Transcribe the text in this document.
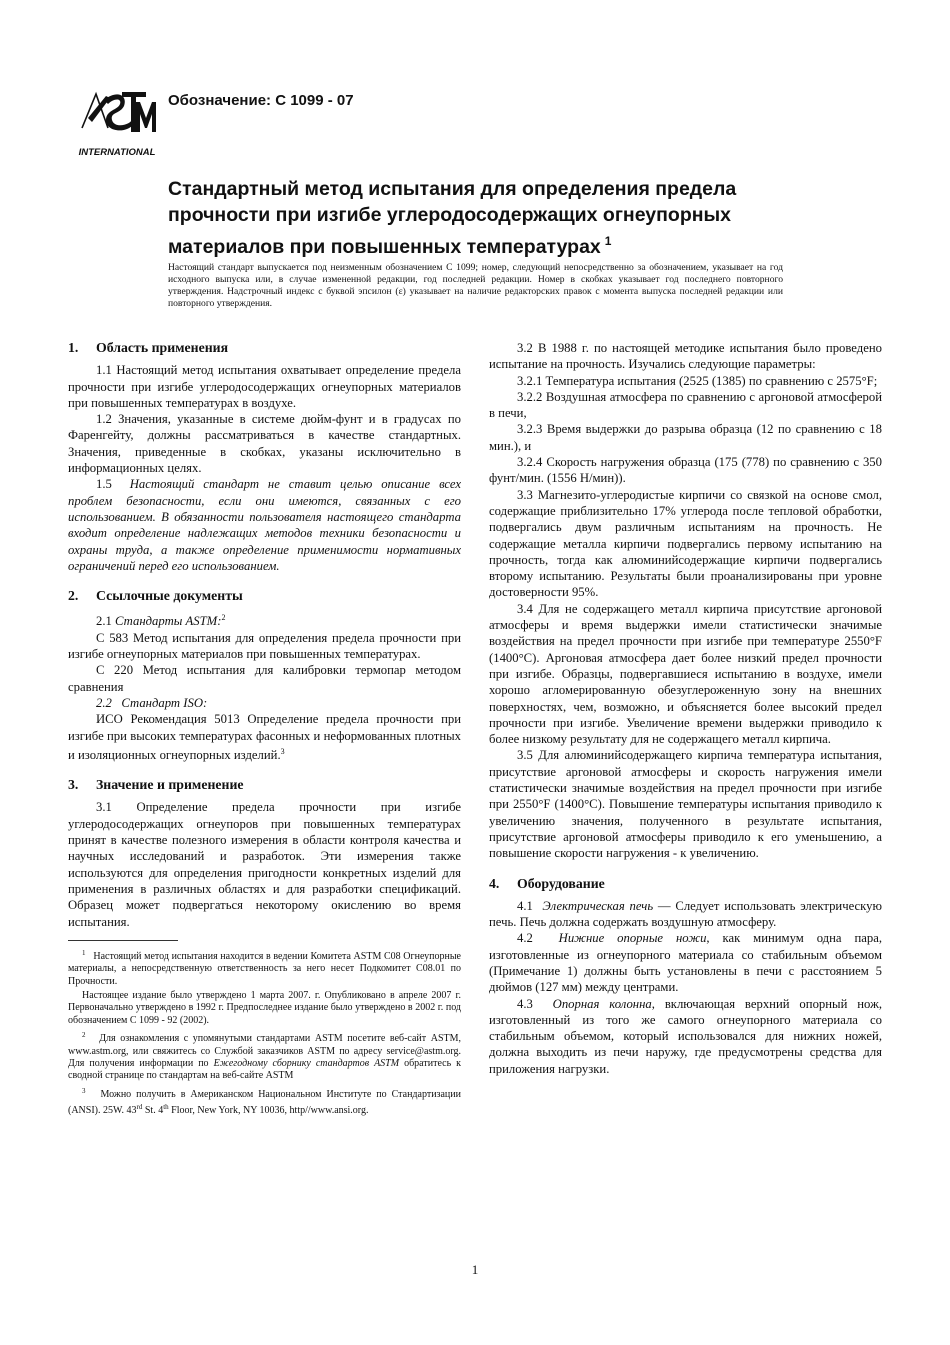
INTERNATIONAL
Обозначение: C 1099 - 07
Стандартный метод испытания для определения предела прочности при изгибе углеродосодержащих огнеупорных материалов при повышенных температурах $^1$
Настоящий стандарт выпускается под неизменным обозначением C 1099; номер, следующий непосредственно за обозначением, указывает на год исходного выпуска или, в случае измененной редакции, год последней редакции. Номер в скобках указывает год последнего повторного утверждения. Надстрочный индекс с буквой эпсилон (ε) указывает на наличие редакторских правок с момента выпуска последней редакции или повторного утверждения.
1. Область применения

1.1 Настоящий метод испытания охватывает определение предела прочности при изгибе углеродосодержащих огнеупорных материалов при повышенных температурах в воздухе.

1.2 Значения, указанные в системе дюйм-фунт и в градусах по Фаренгейту, должны рассматриваться в качестве стандартных. Значения, приведенные в скобках, указаны исключительно в информационных целях.

1.5 Настоящий стандарт не ставит целью описание всех проблем безопасности, если они имеются, связанных с его использованием. В обязанности пользователя настоящего стандарта входит определение надлежащих методов техники безопасности и охраны труда, а также определение применимости нормативных ограничений перед его использованием.

2. Ссылочные документы

2.1 Стандарты ASTM:$^2$

C 583 Метод испытания для определения предела прочности при изгибе огнеупорных материалов при повышенных температурах.

C 220 Метод испытания для калибровки термопар методом сравнения

2.2 Стандарт ISO:

ИСО Рекомендация 5013 Определение предела прочности при изгибе при высоких температурах фасонных и неформованных плотных и изоляционных огнеупорных изделий.$^3$

3. Значение и применение

3.1 Определение предела прочности при изгибе углеродосодержащих огнеупоров при повышенных температурах принят в качестве полезного измерения в области контроля качества и научных исследований и разработок. Эти измерения также используются для определения пригодности конкретных изделий для применения в различных областях и для разработки спецификаций. Образец может подвергаться некоторому окислению во время испытания.

$^1$ Настоящий метод испытания находится в ведении Комитета ASTM C08 Огнеупорные материалы, а непосредственную ответственность за него несет Подкомитет C08.01 по Прочности.

Настоящее издание было утверждено 1 марта 2007. г. Опубликовано в апреле 2007 г. Первоначально утверждено в 1992 г. Предпоследнее издание было утверждено в 2002 г. под обозначением C 1099 - 92 (2002).

$^2$ Для ознакомления с упомянутыми стандартами ASTM посетите веб-сайт ASTM, www.astm.org, или свяжитесь со Службой заказчиков ASTM по адресу service@astm.org. Для получения информации по Ежегодному сборнику стандартов ASTM обратитесь к сводной странице по стандартам на веб-сайте ASTM

$^3$ Можно получить в Американском Национальном Институте по Стандартизации (ANSI). 25W. 43rd St. 4th Floor, New York, NY 10036, http//www.ansi.org.

3.2 В 1988 г. по настоящей методике испытания было проведено испытание на прочность. Изучались следующие параметры:

3.2.1 Температура испытания (2525 (1385) по сравнению с 2575°F;

3.2.2 Воздушная атмосфера по сравнению с аргоновой атмосферой в печи,

3.2.3 Время выдержки до разрыва образца (12 по сравнению с 18 мин.), и

3.2.4 Скорость нагружения образца (175 (778) по сравнению с 350 фунт/мин. (1556 Н/мин)).

3.3 Магнезито-углеродистые кирпичи со связкой на основе смол, содержащие приблизительно 17% углерода после тепловой обработки, подвергались двум различным испытаниям на прочность. Не содержащие металла кирпичи подвергались первому испытанию на прочность, тогда как алюминийсодержащие кирпичи подвергались второму испытанию. Результаты были проанализированы при уровне достоверности 95%.

3.4 Для не содержащего металл кирпича присутствие аргоновой атмосферы и время выдержки имели статистически значимые воздействия на предел прочности при изгибе при температуре 2550°F (1400°C). Аргоновая атмосфера дает более низкий предел прочности при изгибе. Образцы, подвергавшиеся испытанию в воздухе, имели хорошо агломерированную обезуглероженную зону на внешних поверхностях, чем, возможно, и объясняется более высокий предел прочности при изгибе. Увеличение времени выдержки приводило к более низкому результату для не содержащего металл кирпича.

3.5 Для алюминийсодержащего кирпича температура испытания, присутствие аргоновой атмосферы и скорость нагружения имели статистически значимые воздействия на предел прочности при изгибе при 2550°F (1400°C). Повышение температуры испытания приводило к увеличению значения, полученного в результате испытания, присутствие аргоновой атмосферы приводило к его уменьшению, а повышение скорости нагружения - к увеличению.

4. Оборудование

4.1 Электрическая печь — Следует использовать электрическую печь. Печь должна содержать воздушную атмосферу.

4.2 Нижние опорные ножи, как минимум одна пара, изготовленные из огнеупорного материала со стабильным объемом (Примечание 1) должны быть установлены в печи с расстоянием 5 дюймов (127 мм) между центрами.

4.3 Опорная колонна, включающая верхний опорный нож, изготовленный из того же самого огнеупорного материала со стабильным объемом, который использовался для нижних ножей, должна выходить из печи наружу, где предусмотрены средства для приложения нагрузки.

1
